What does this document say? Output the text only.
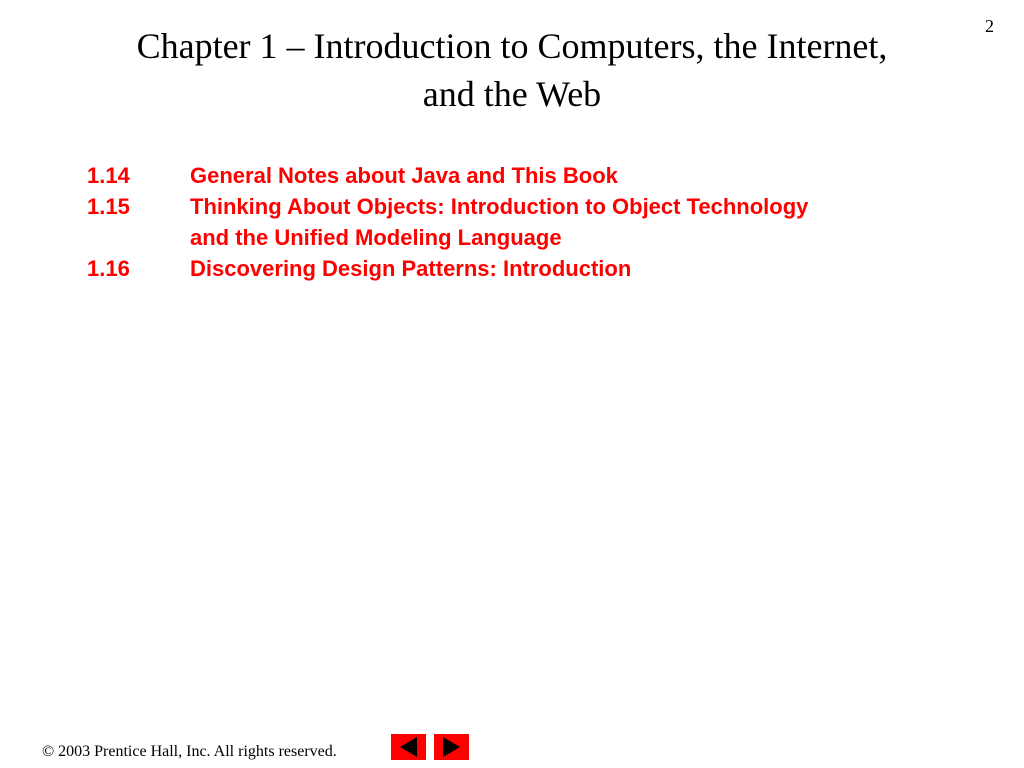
2
Chapter 1 – Introduction to Computers, the Internet,
and the Web
1.14	General Notes about Java and This Book
1.15	Thinking About Objects: Introduction to Object Technology
and the Unified Modeling Language
1.16	Discovering Design Patterns: Introduction
© 2003 Prentice Hall, Inc. All rights reserved.
